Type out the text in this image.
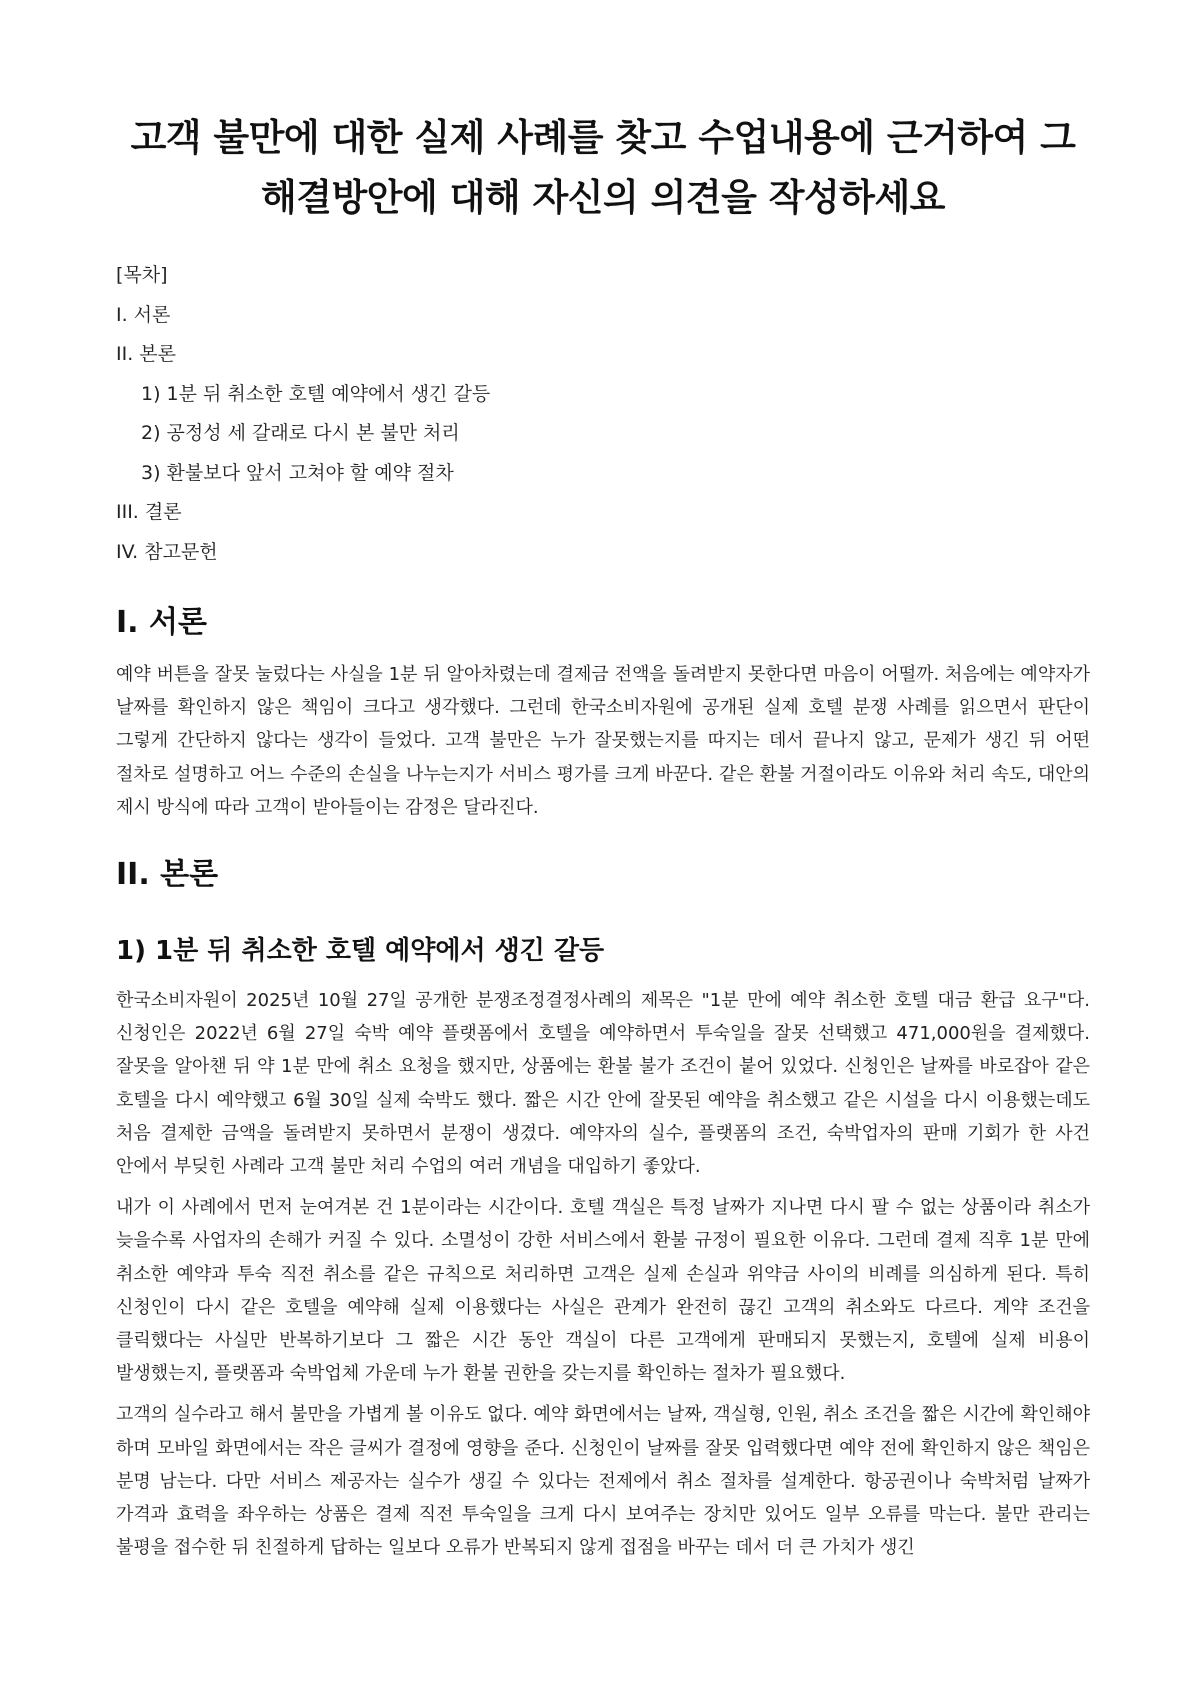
고객 불만에 대한 실제 사례를 찾고 수업내용에 근거하여 그 해결방안에 대해 자신의 의견을 작성하세요
[목차]
I. 서론
II. 본론
1) 1분 뒤 취소한 호텔 예약에서 생긴 갈등
2) 공정성 세 갈래로 다시 본 불만 처리
3) 환불보다 앞서 고쳐야 할 예약 절차
III. 결론
IV. 참고문헌
I. 서론

예약 버튼을 잘못 눌렀다는 사실을 1분 뒤 알아차렸는데 결제금 전액을 돌려받지 못한다면 마음이 어떨까. 처음에는 예약자가 날짜를 확인하지 않은 책임이 크다고 생각했다. 그런데 한국소비자원에 공개된 실제 호텔 분쟁 사례를 읽으면서 판단이 그렇게 간단하지 않다는 생각이 들었다. 고객 불만은 누가 잘못했는지를 따지는 데서 끝나지 않고, 문제가 생긴 뒤 어떤 절차로 설명하고 어느 수준의 손실을 나누는지가 서비스 평가를 크게 바꾼다. 같은 환불 거절이라도 이유와 처리 속도, 대안의 제시 방식에 따라 고객이 받아들이는 감정은 달라진다.

II. 본론
1) 1분 뒤 취소한 호텔 예약에서 생긴 갈등

한국소비자원이 2025년 10월 27일 공개한 분쟁조정결정사례의 제목은 "1분 만에 예약 취소한 호텔 대금 환급 요구"다. 신청인은 2022년 6월 27일 숙박 예약 플랫폼에서 호텔을 예약하면서 투숙일을 잘못 선택했고 471,000원을 결제했다. 잘못을 알아챈 뒤 약 1분 만에 취소 요청을 했지만, 상품에는 환불 불가 조건이 붙어 있었다. 신청인은 날짜를 바로잡아 같은 호텔을 다시 예약했고 6월 30일 실제 숙박도 했다. 짧은 시간 안에 잘못된 예약을 취소했고 같은 시설을 다시 이용했는데도 처음 결제한 금액을 돌려받지 못하면서 분쟁이 생겼다. 예약자의 실수, 플랫폼의 조건, 숙박업자의 판매 기회가 한 사건 안에서 부딪힌 사례라 고객 불만 처리 수업의 여러 개념을 대입하기 좋았다.

내가 이 사례에서 먼저 눈여겨본 건 1분이라는 시간이다. 호텔 객실은 특정 날짜가 지나면 다시 팔 수 없는 상품이라 취소가 늦을수록 사업자의 손해가 커질 수 있다. 소멸성이 강한 서비스에서 환불 규정이 필요한 이유다. 그런데 결제 직후 1분 만에 취소한 예약과 투숙 직전 취소를 같은 규칙으로 처리하면 고객은 실제 손실과 위약금 사이의 비례를 의심하게 된다. 특히 신청인이 다시 같은 호텔을 예약해 실제 이용했다는 사실은 관계가 완전히 끊긴 고객의 취소와도 다르다. 계약 조건을 클릭했다는 사실만 반복하기보다 그 짧은 시간 동안 객실이 다른 고객에게 판매되지 못했는지, 호텔에 실제 비용이 발생했는지, 플랫폼과 숙박업체 가운데 누가 환불 권한을 갖는지를 확인하는 절차가 필요했다.

고객의 실수라고 해서 불만을 가볍게 볼 이유도 없다. 예약 화면에서는 날짜, 객실형, 인원, 취소 조건을 짧은 시간에 확인해야 하며 모바일 화면에서는 작은 글씨가 결정에 영향을 준다. 신청인이 날짜를 잘못 입력했다면 예약 전에 확인하지 않은 책임은 분명 남는다. 다만 서비스 제공자는 실수가 생길 수 있다는 전제에서 취소 절차를 설계한다. 항공권이나 숙박처럼 날짜가 가격과 효력을 좌우하는 상품은 결제 직전 투숙일을 크게 다시 보여주는 장치만 있어도 일부 오류를 막는다. 불만 관리는 불평을 접수한 뒤 친절하게 답하는 일보다 오류가 반복되지 않게 접점을 바꾸는 데서 더 큰 가치가 생긴
